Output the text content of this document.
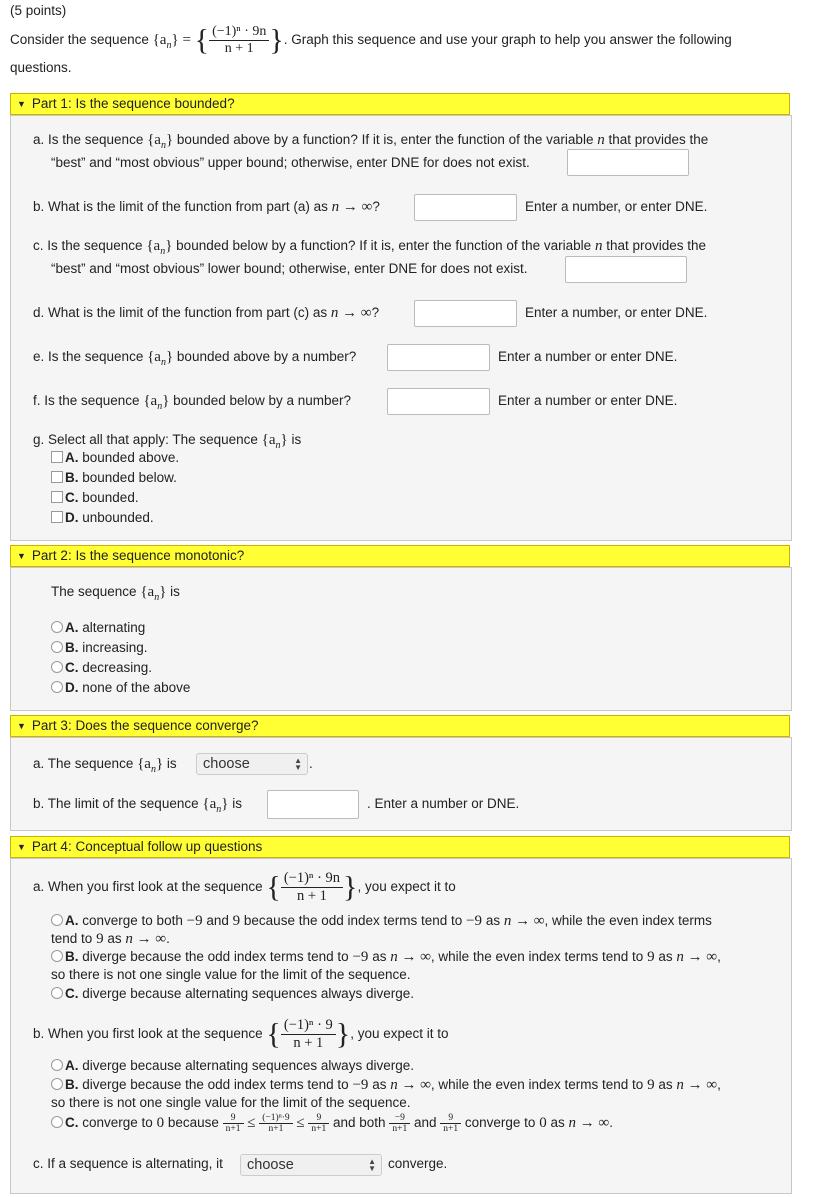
(5 points)
Consider the sequence $\{a_n\}$ = { $\frac{\text{(−1)ⁿ · 9n}}{n + 1}$ }. Graph this sequence and use your graph to help you answer the following
questions.
▼ Part 1: Is the sequence bounded?
a. Is the sequence $\{a_n\}$ bounded above by a function? If it is, enter the function of the variable n that provides the
“best” and “most obvious” upper bound; otherwise, enter DNE for does not exist.
b. What is the limit of the function from part (a) as n → ∞?	Enter a number, or enter DNE.
c. Is the sequence $\{a_n\}$ bounded below by a function? If it is, enter the function of the variable n that provides the
“best” and “most obvious” lower bound; otherwise, enter DNE for does not exist.
d. What is the limit of the function from part (c) as n → ∞?	Enter a number, or enter DNE.
e. Is the sequence $\{a_n\}$ bounded above by a number?	Enter a number or enter DNE.
f. Is the sequence $\{a_n\}$ bounded below by a number?	Enter a number or enter DNE.
g. Select all that apply: The sequence $\{a_n\}$ is
A. bounded above.
B. bounded below.
C. bounded.
D. unbounded.
▼ Part 2: Is the sequence monotonic?
The sequence $\{a_n\}$ is
A. alternating
B. increasing.
C. decreasing.
D. none of the above
▼ Part 3: Does the sequence converge?
a. The sequence $\{a_n\}$ is	choose	▲
▼ .
b. The limit of the sequence $\{a_n\}$ is	. Enter a number or DNE.
▼ Part 4: Conceptual follow up questions
a. When you first look at the sequence { $\frac{\text{(−1)ⁿ · 9n}}{n + 1}$ }, you expect it to
A. converge to both −9 and 9 because the odd index terms tend to −9 as n → ∞, while the even index terms
tend to 9 as n → ∞.
B. diverge because the odd index terms tend to −9 as n → ∞, while the even index terms tend to 9 as n → ∞,
so there is not one single value for the limit of the sequence.
C. diverge because alternating sequences always diverge.
b. When you first look at the sequence { $\frac{\text{(−1)ⁿ · 9}}{n + 1}$ }, you expect it to
A. diverge because alternating sequences always diverge.
B. diverge because the odd index terms tend to −9 as n → ∞, while the even index terms tend to 9 as n → ∞,
so there is not one single value for the limit of the sequence.
C. converge to 0 because $\frac{9}{n+1} \le \frac{\text{(−1)ⁿ·9}}{n+1} \le \frac{9}{n+1}$ and both $\frac{-9}{n+1}$ and $\frac{9}{n+1}$ converge to 0 as n → ∞.
c. If a sequence is alternating, it	choose	▲
▼ converge.
